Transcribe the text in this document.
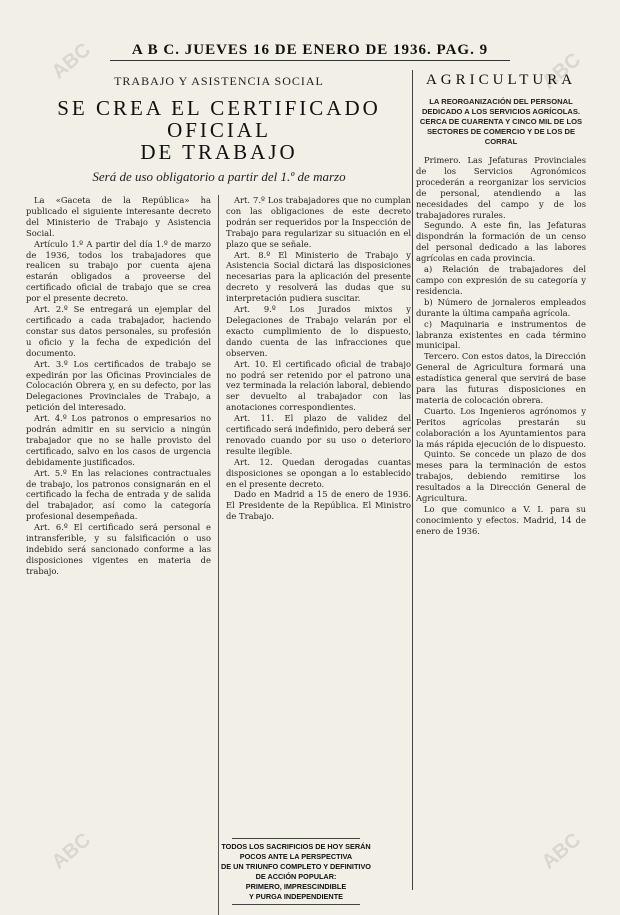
ABC	ABC
ABC	ABC
A B C. JUEVES 16 DE ENERO DE 1936. PAG. 9
TRABAJO Y ASISTENCIA SOCIAL
SE CREA EL CERTIFICADO OFICIAL
DE TRABAJO
Será de uso obligatorio a partir del 1.º de marzo

La «Gaceta de la República» ha publicado el siguiente interesante decreto del Ministerio de Trabajo y Asistencia Social.

Artículo 1.º A partir del día 1.º de marzo de 1936, todos los trabajadores que realicen su trabajo por cuenta ajena estarán obligados a proveerse del certificado oficial de trabajo que se crea por el presente decreto.

Art. 2.º Se entregará un ejemplar del certificado a cada trabajador, haciendo constar sus datos personales, su profesión u oficio y la fecha de expedición del documento.

Art. 3.º Los certificados de trabajo se expedirán por las Oficinas Provinciales de Colocación Obrera y, en su defecto, por las Delegaciones Provinciales de Trabajo, a petición del interesado.

Art. 4.º Los patronos o empresarios no podrán admitir en su servicio a ningún trabajador que no se halle provisto del certificado, salvo en los casos de urgencia debidamente justificados.

Art. 5.º En las relaciones contractuales de trabajo, los patronos consignarán en el certificado la fecha de entrada y de salida del trabajador, así como la categoría profesional desempeñada.

Art. 6.º El certificado será personal e intransferible, y su falsificación o uso indebido será sancionado conforme a las disposiciones vigentes en materia de trabajo.

Art. 7.º Los trabajadores que no cumplan con las obligaciones de este decreto podrán ser requeridos por la Inspección de Trabajo para regularizar su situación en el plazo que se señale.

Art. 8.º El Ministerio de Trabajo y Asistencia Social dictará las disposiciones necesarias para la aplicación del presente decreto y resolverá las dudas que su interpretación pudiera suscitar.

Art. 9.º Los Jurados mixtos y Delegaciones de Trabajo velarán por el exacto cumplimiento de lo dispuesto, dando cuenta de las infracciones que observen.

Art. 10. El certificado oficial de trabajo no podrá ser retenido por el patrono una vez terminada la relación laboral, debiendo ser devuelto al trabajador con las anotaciones correspondientes.

Art. 11. El plazo de validez del certificado será indefinido, pero deberá ser renovado cuando por su uso o deterioro resulte ilegible.

Art. 12. Quedan derogadas cuantas disposiciones se opongan a lo establecido en el presente decreto.

Dado en Madrid a 15 de enero de 1936. El Presidente de la República. El Ministro de Trabajo.

AGRICULTURA
LA REORGANIZACIÓN DEL PERSONAL DEDICADO A LOS SERVICIOS AGRÍCOLAS. CERCA DE CUARENTA Y CINCO MIL DE LOS SECTORES DE COMERCIO Y DE LOS DE CORRAL

Primero. Las Jefaturas Provinciales de los Servicios Agronómicos procederán a reorganizar los servicios de personal, atendiendo a las necesidades del campo y de los trabajadores rurales.

Segundo. A este fin, las Jefaturas dispondrán la formación de un censo del personal dedicado a las labores agrícolas en cada provincia.

a) Relación de trabajadores del campo con expresión de su categoría y residencia.

b) Número de jornaleros empleados durante la última campaña agrícola.

c) Maquinaria e instrumentos de labranza existentes en cada término municipal.

Tercero. Con estos datos, la Dirección General de Agricultura formará una estadística general que servirá de base para las futuras disposiciones en materia de colocación obrera.

Cuarto. Los Ingenieros agrónomos y Peritos agrícolas prestarán su colaboración a los Ayuntamientos para la más rápida ejecución de lo dispuesto.

Quinto. Se concede un plazo de dos meses para la terminación de estos trabajos, debiendo remitirse los resultados a la Dirección General de Agricultura.

Lo que comunico a V. I. para su conocimiento y efectos. Madrid, 14 de enero de 1936.

TODOS LOS SACRIFICIOS DE HOY SERÁN POCOS ANTE LA PERSPECTIVA
DE UN TRIUNFO COMPLETO Y DEFINITIVO
DE ACCIÓN POPULAR:
PRIMERO, IMPRESCINDIBLE
Y PURGA INDEPENDIENTE
